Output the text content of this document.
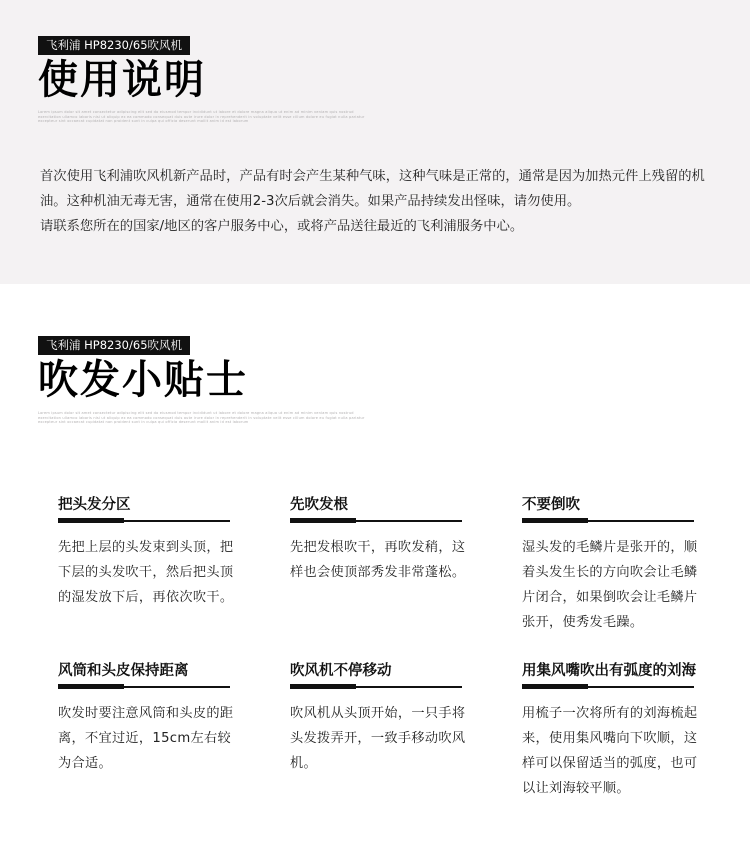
飞利浦 HP8230/65吹风机
使用说明
Lorem ipsum dolor sit amet consectetur adipiscing elit sed do eiusmod tempor incididunt ut labore et dolore magna aliqua ut enim ad minim veniam quis nostrud exercitation ullamco laboris nisi ut aliquip ex ea commodo consequat duis aute irure dolor in reprehenderit in voluptate velit esse cillum dolore eu fugiat nulla pariatur excepteur sint occaecat cupidatat non proident sunt in culpa qui officia deserunt mollit anim id est laborum

首次使用飞利浦吹风机新产品时，产品有时会产生某种气味，这种气味是正常的，通常是因为加热元件上残留的机油。这种机油无毒无害，通常在使用2-3次后就会消失。如果产品持续发出怪味，请勿使用。

请联系您所在的国家/地区的客户服务中心，或将产品送往最近的飞利浦服务中心。

飞利浦 HP8230/65吹风机
吹发小贴士
Lorem ipsum dolor sit amet consectetur adipiscing elit sed do eiusmod tempor incididunt ut labore et dolore magna aliqua ut enim ad minim veniam quis nostrud exercitation ullamco laboris nisi ut aliquip ex ea commodo consequat duis aute irure dolor in reprehenderit in voluptate velit esse cillum dolore eu fugiat nulla pariatur excepteur sint occaecat cupidatat non proident sunt in culpa qui officia deserunt mollit anim id est laborum
把头发分区
先把上层的头发束到头顶，把下层的头发吹干，然后把头顶的湿发放下后，再依次吹干。
先吹发根
先把发根吹干，再吹发稍，这样也会使顶部秀发非常蓬松。
不要倒吹
湿头发的毛鳞片是张开的，顺着头发生长的方向吹会让毛鳞片闭合，如果倒吹会让毛鳞片张开，使秀发毛躁。
风筒和头皮保持距离
吹发时要注意风筒和头皮的距离，不宜过近，15cm左右较为合适。
吹风机不停移动
吹风机从头顶开始，一只手将头发拨弄开，一致手移动吹风机。
用集风嘴吹出有弧度的刘海
用梳子一次将所有的刘海梳起来，使用集风嘴向下吹顺，这样可以保留适当的弧度，也可以让刘海较平顺。
